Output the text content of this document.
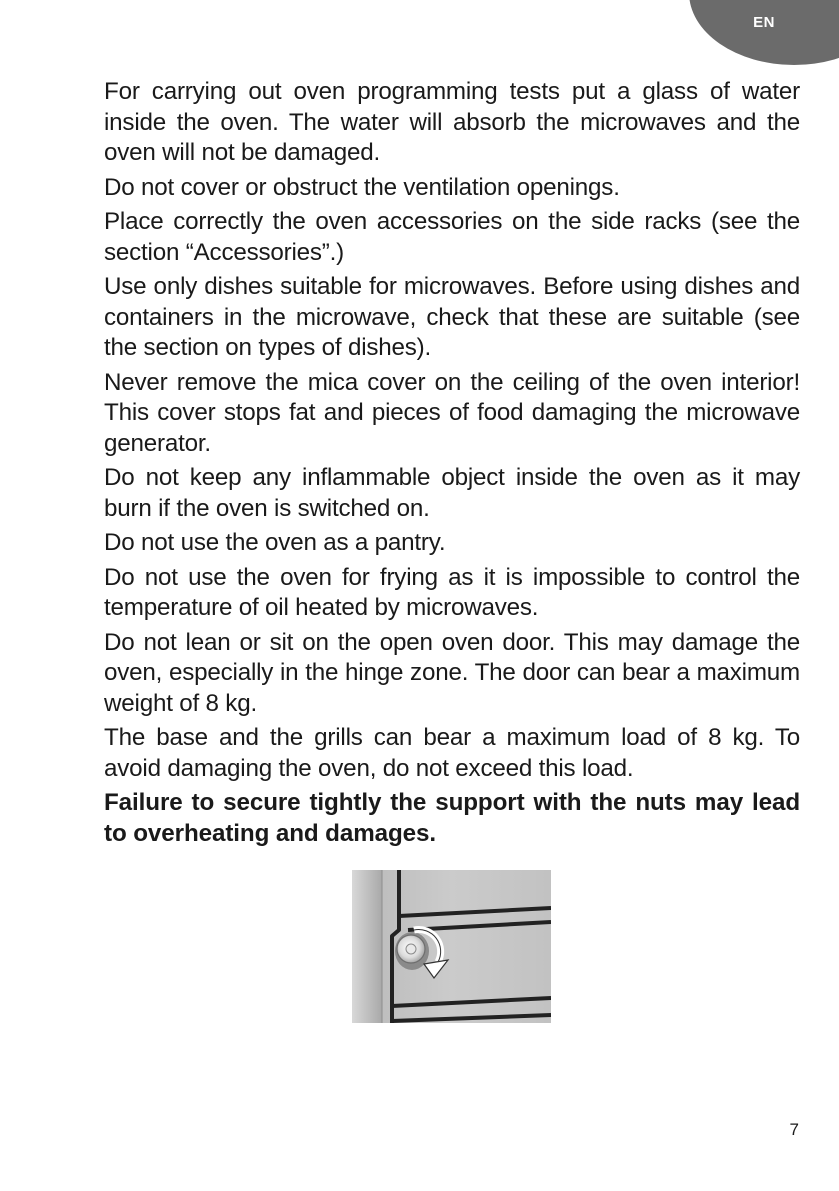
EN

For carrying out oven programming tests put a glass of water inside the oven. The water will absorb the microwaves and the oven will not be damaged.

Do not cover or obstruct the ventilation openings.

Place correctly the oven accessories on the side racks (see the section “Accessories”.)

Use only dishes suitable for microwaves. Before using dishes and containers in the microwave, check that these are suitable (see the section on types of dishes).

Never remove the mica cover on the ceiling of the oven interior! This cover stops fat and pieces of food damaging the microwave generator.

Do not keep any inflammable object inside the oven as it may burn if the oven is switched on.

Do not use the oven as a pantry.

Do not use the oven for frying as it is impossible to control the temperature of oil heated by microwaves.

Do not lean or sit on the open oven door. This may damage the oven, especially in the hinge zone. The door can bear a maximum weight of 8 kg.

The base and the grills can bear a maximum load of 8 kg. To avoid damaging the oven, do not exceed this load.

Failure to secure tightly the support with the nuts may lead to overheating and damages.

7
